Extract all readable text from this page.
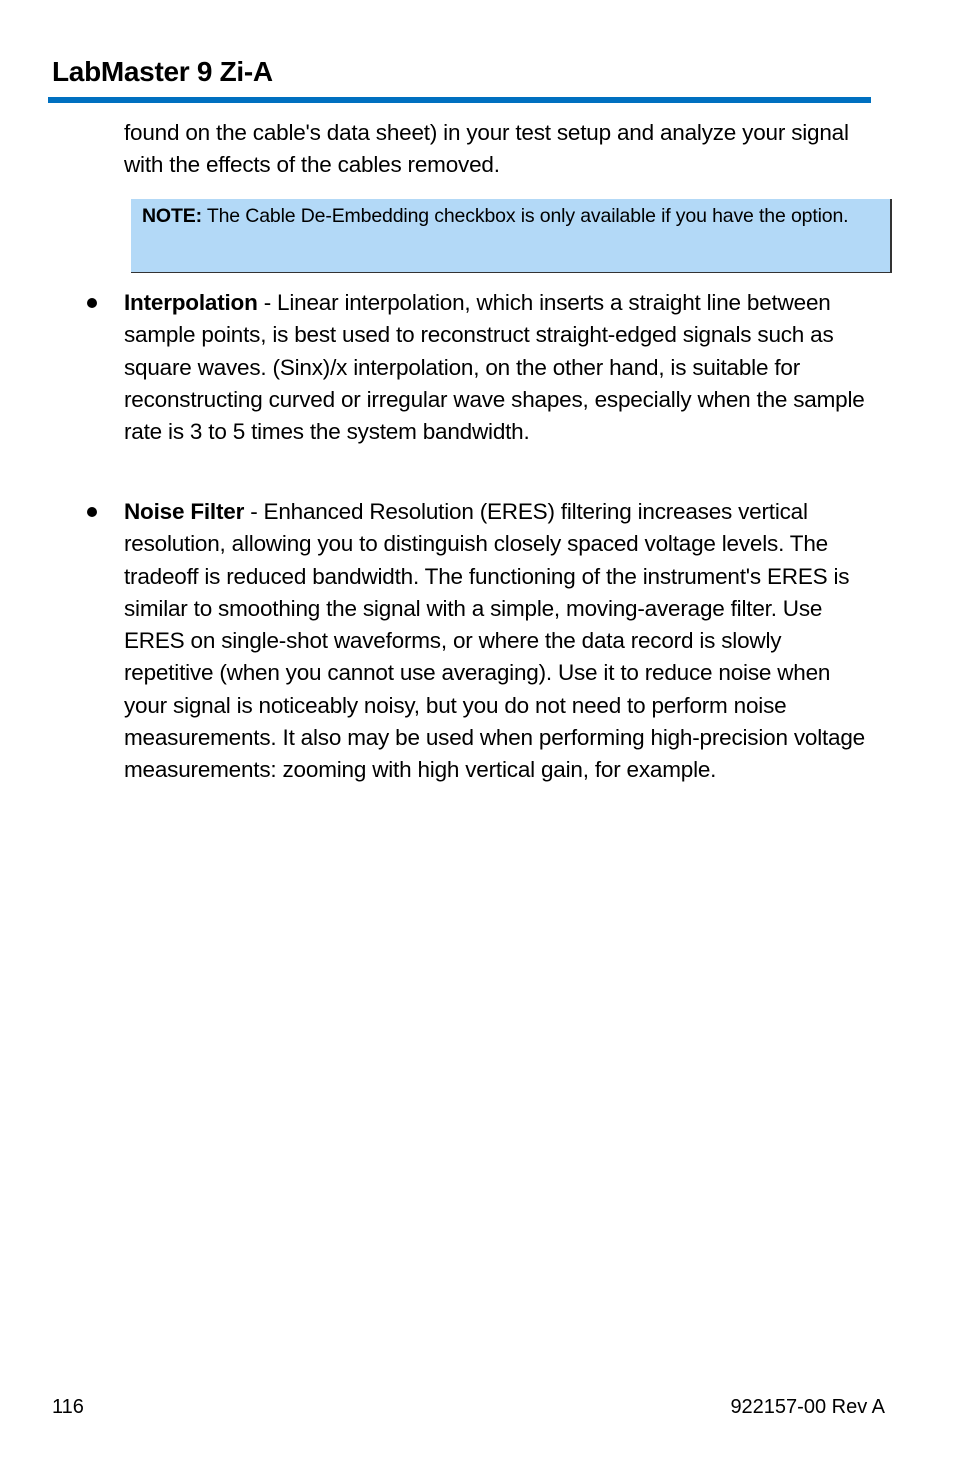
LabMaster 9 Zi-A
found on the cable's data sheet) in your test setup and analyze your signal with the effects of the cables removed.
NOTE: The Cable De-Embedding checkbox is only available if you have the option.
Interpolation - Linear interpolation, which inserts a straight line between sample points, is best used to reconstruct straight-edged signals such as square waves. (Sinx)/x interpolation, on the other hand, is suitable for reconstructing curved or irregular wave shapes, especially when the sample rate is 3 to 5 times the system bandwidth.
Noise Filter - Enhanced Resolution (ERES) filtering increases vertical resolution, allowing you to distinguish closely spaced voltage levels. The tradeoff is reduced bandwidth. The functioning of the instrument's ERES is similar to smoothing the signal with a simple, moving-average filter. Use ERES on single-shot waveforms, or where the data record is slowly repetitive (when you cannot use averaging). Use it to reduce noise when your signal is noticeably noisy, but you do not need to perform noise measurements. It also may be used when performing high-precision voltage measurements: zooming with high vertical gain, for example.
116	922157-00 Rev A
